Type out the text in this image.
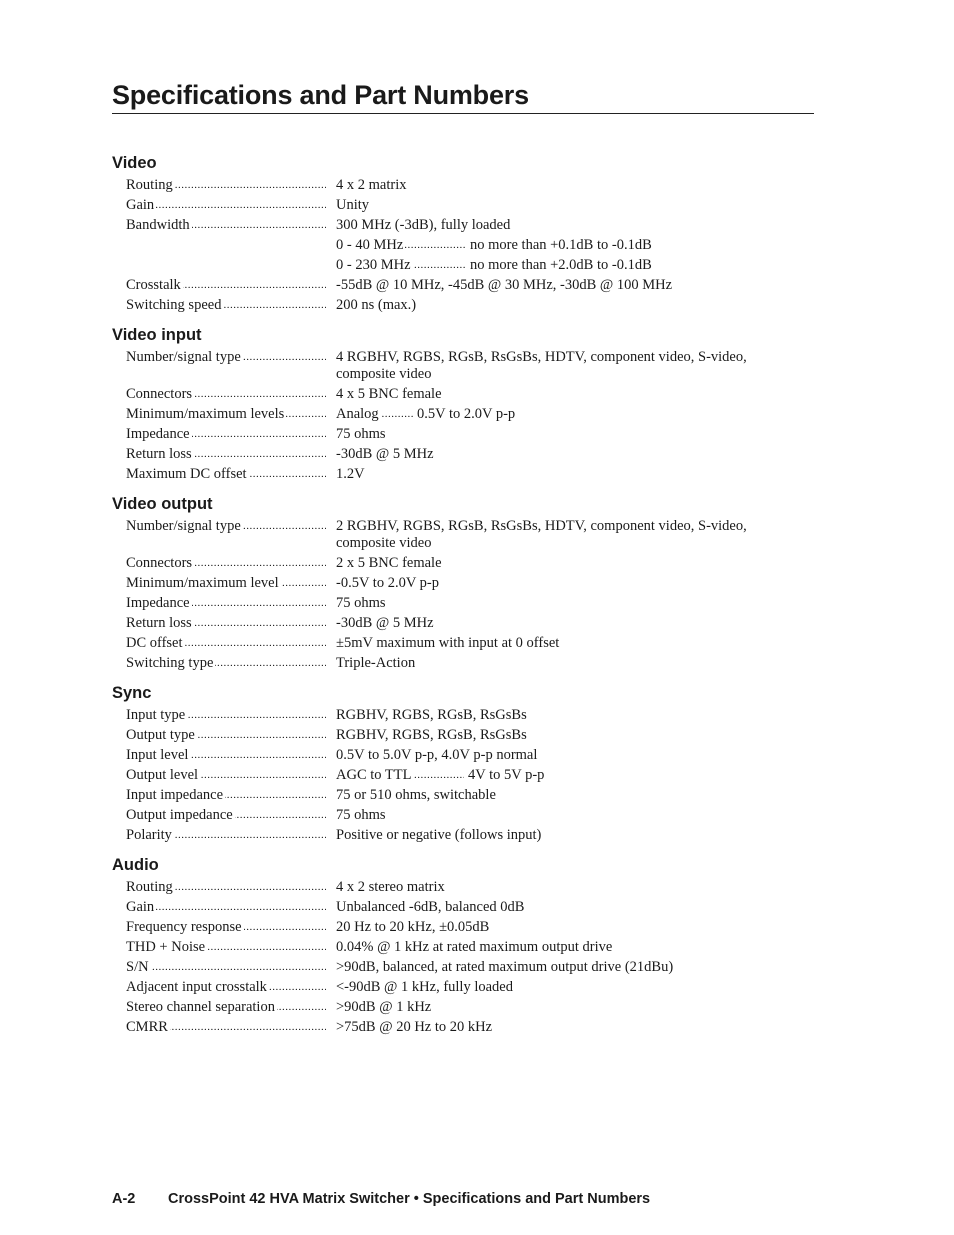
Specifications and Part Numbers
Video
Routing .....	4 x 2 matrix
Gain .....	Unity
Bandwidth .....	300 MHz (-3dB), fully loaded
0 - 40 MHz .....	no more than +0.1dB to -0.1dB
0 - 230 MHz .....	no more than +2.0dB to -0.1dB
Crosstalk .....	-55dB @ 10 MHz, -45dB @ 30 MHz, -30dB @ 100 MHz
Switching speed .....	200 ns (max.)
Video input
Number/signal type .....	4 RGBHV, RGBS, RGsB, RsGsBs, HDTV, component video, S-video,
composite video
Connectors .....	4 x 5 BNC female
Minimum/maximum levels .....	Analog .....	0.5V to 2.0V p-p
Impedance .....	75 ohms
Return loss .....	-30dB @ 5 MHz
Maximum DC offset .....	1.2V
Video output
Number/signal type .....	2 RGBHV, RGBS, RGsB, RsGsBs, HDTV, component video, S-video,
composite video
Connectors .....	2 x 5 BNC female
Minimum/maximum level .....	-0.5V to 2.0V p-p
Impedance .....	75 ohms
Return loss .....	-30dB @ 5 MHz
DC offset .....	±5mV maximum with input at 0 offset
Switching type .....	Triple-Action
Sync
Input type .....	RGBHV, RGBS, RGsB, RsGsBs
Output type .....	RGBHV, RGBS, RGsB, RsGsBs
Input level .....	0.5V to 5.0V p-p, 4.0V p-p normal
Output level .....	AGC to TTL .....	4V to 5V p-p
Input impedance .....	75 or 510 ohms, switchable
Output impedance .....	75 ohms
Polarity .....	Positive or negative (follows input)
Audio
Routing .....	4 x 2 stereo matrix
Gain .....	Unbalanced -6dB, balanced 0dB
Frequency response .....	20 Hz to 20 kHz, ±0.05dB
THD + Noise .....	0.04% @ 1 kHz at rated maximum output drive
S/N .....	>90dB, balanced, at rated maximum output drive (21dBu)
Adjacent input crosstalk .....	<-90dB @ 1 kHz, fully loaded
Stereo channel separation .....	>90dB @ 1 kHz
CMRR .....	>75dB @ 20 Hz to 20 kHz
A-2 CrossPoint 42 HVA Matrix Switcher • Specifications and Part Numbers
